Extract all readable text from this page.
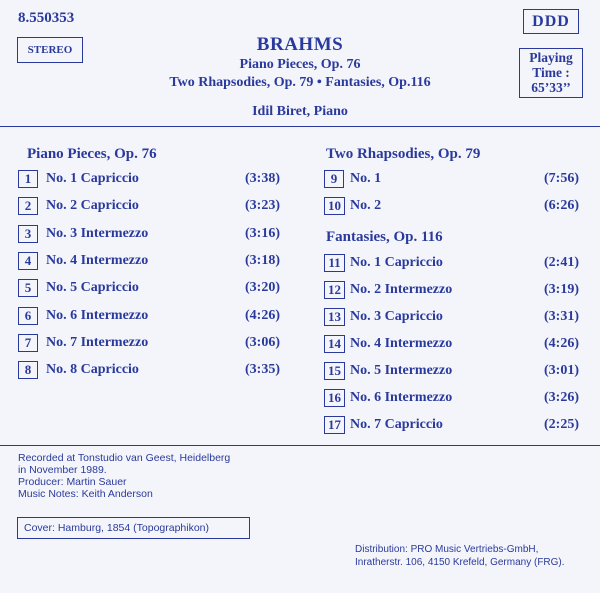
8.550353
STEREO	BRAHMS
Piano Pieces, Op. 76
Two Rhapsodies, Op. 79 • Fantasies, Op.116
Idil Biret, Piano
DDD
Playing
Time :
65’33’’
Piano Pieces, Op. 76
1	No. 1 Capriccio	(3:38)
2	No. 2 Capriccio	(3:23)
3	No. 3 Intermezzo	(3:16)
4	No. 4 Intermezzo	(3:18)
5	No. 5 Capriccio	(3:20)
6	No. 6 Intermezzo	(4:26)
7	No. 7 Intermezzo	(3:06)
8	No. 8 Capriccio	(3:35)
Two Rhapsodies, Op. 79
9 No. 1	(7:56)
10 No. 2	(6:26)
Fantasies, Op. 116
11 No. 1 Capriccio	(2:41)
12 No. 2 Intermezzo	(3:19)
13 No. 3 Capriccio	(3:31)
14 No. 4 Intermezzo	(4:26)
15 No. 5 Intermezzo	(3:01)
16 No. 6 Intermezzo	(3:26)
17 No. 7 Capriccio	(2:25)
Recorded at Tonstudio van Geest, Heidelberg
in November 1989.
Producer: Martin Sauer
Music Notes: Keith Anderson
Cover: Hamburg, 1854 (Topographikon)
Distribution: PRO Music Vertriebs-GmbH,
Inratherstr. 106, 4150 Krefeld, Germany (FRG).
